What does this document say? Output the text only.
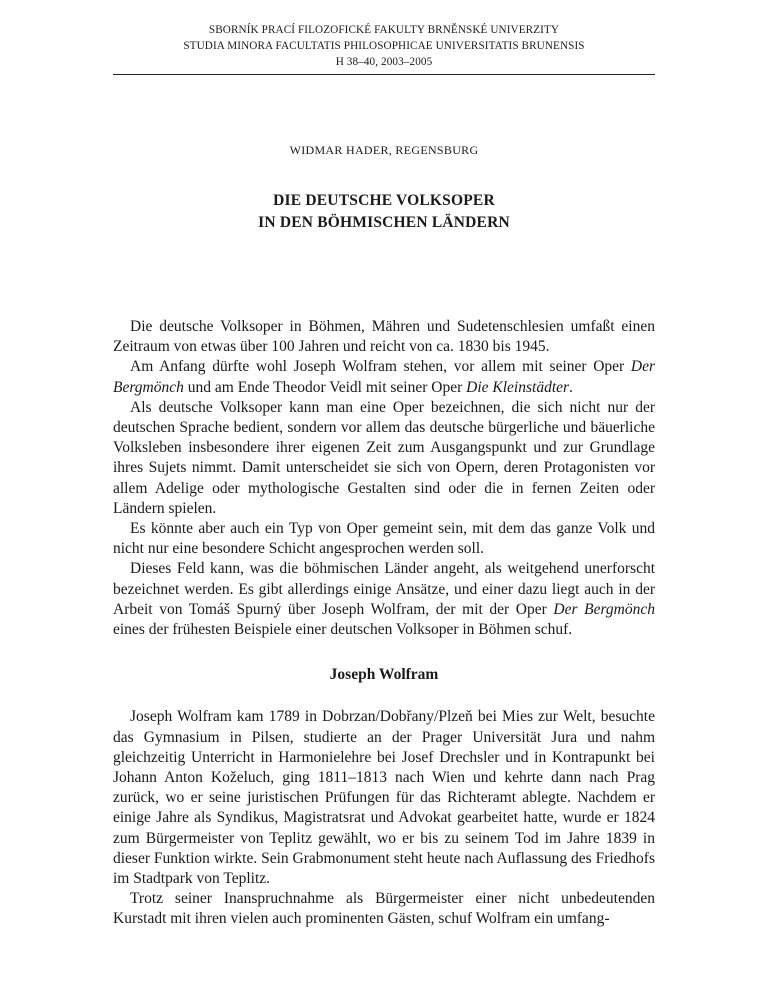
SBORNÍK PRACÍ FILOZOFICKÉ FAKULTY BRNĚNSKÉ UNIVERZITY
STUDIA MINORA FACULTATIS PHILOSOPHICAE UNIVERSITATIS BRUNENSIS
H 38–40, 2003–2005
WIDMAR HADER, REGENSBURG
DIE DEUTSCHE VOLKSOPER
IN DEN BÖHMISCHEN LÄNDERN

Die deutsche Volksoper in Böhmen, Mähren und Sudetenschlesien umfaßt einen Zeitraum von etwas über 100 Jahren und reicht von ca. 1830 bis 1945.

Am Anfang dürfte wohl Joseph Wolfram stehen, vor allem mit seiner Oper Der Bergmönch und am Ende Theodor Veidl mit seiner Oper Die Kleinstädter.

Als deutsche Volksoper kann man eine Oper bezeichnen, die sich nicht nur der deutschen Sprache bedient, sondern vor allem das deutsche bürgerliche und bäuerliche Volksleben insbesondere ihrer eigenen Zeit zum Ausgangspunkt und zur Grundlage ihres Sujets nimmt. Damit unterscheidet sie sich von Opern, deren Protagonisten vor allem Adelige oder mythologische Gestalten sind oder die in fernen Zeiten oder Ländern spielen.

Es könnte aber auch ein Typ von Oper gemeint sein, mit dem das ganze Volk und nicht nur eine besondere Schicht angesprochen werden soll.

Dieses Feld kann, was die böhmischen Länder angeht, als weitgehend unerforscht bezeichnet werden. Es gibt allerdings einige Ansätze, und einer dazu liegt auch in der Arbeit von Tomáš Spurný über Joseph Wolfram, der mit der Oper Der Bergmönch eines der frühesten Beispiele einer deutschen Volksoper in Böhmen schuf.

Joseph Wolfram

Joseph Wolfram kam 1789 in Dobrzan/Dobřany/Plzeň bei Mies zur Welt, besuchte das Gymnasium in Pilsen, studierte an der Prager Universität Jura und nahm gleichzeitig Unterricht in Harmonielehre bei Josef Drechsler und in Kontrapunkt bei Johann Anton Koželuch, ging 1811–1813 nach Wien und kehrte dann nach Prag zurück, wo er seine juristischen Prüfungen für das Richteramt ablegte. Nachdem er einige Jahre als Syndikus, Magistratsrat und Advokat gearbeitet hatte, wurde er 1824 zum Bürgermeister von Teplitz gewählt, wo er bis zu seinem Tod im Jahre 1839 in dieser Funktion wirkte. Sein Grabmonument steht heute nach Auflassung des Friedhofs im Stadtpark von Teplitz.

Trotz seiner Inanspruchnahme als Bürgermeister einer nicht unbedeutenden Kurstadt mit ihren vielen auch prominenten Gästen, schuf Wolfram ein umfang-
